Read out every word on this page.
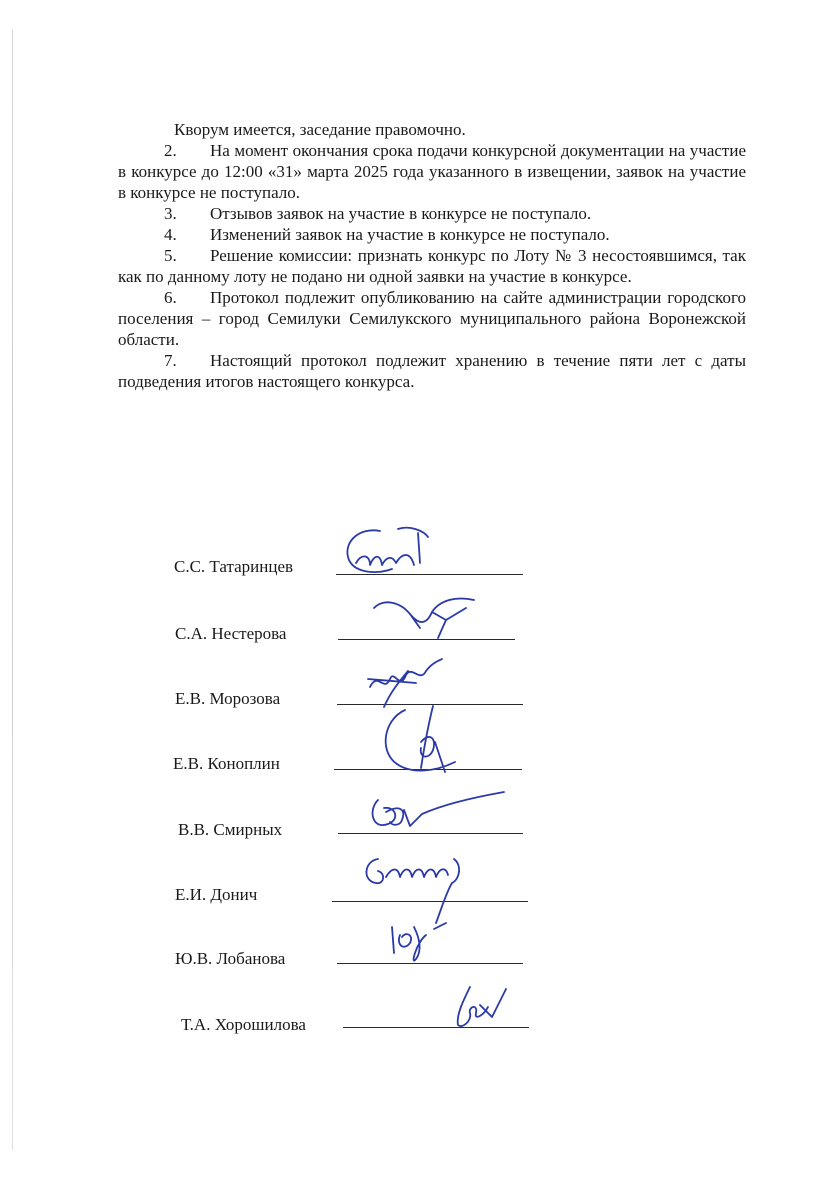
Кворум имеется, заседание правомочно.

2. На момент окончания срока подачи конкурсной документации на участие в конкурсе до 12:00 «31» марта 2025 года указанного в извещении, заявок на участие в конкурсе не поступало.

3. Отзывов заявок на участие в конкурсе не поступало.

4. Изменений заявок на участие в конкурсе не поступало.

5. Решение комиссии: признать конкурс по Лоту № 3 несостоявшимся, так как по данному лоту не подано ни одной заявки на участие в конкурсе.

6. Протокол подлежит опубликованию на сайте администрации городского поселения – город Семилуки Семилукского муниципального района Воронежской области.

7. Настоящий протокол подлежит хранению в течение пяти лет с даты подведения итогов настоящего конкурса.

С.С. Татаринцев
С.А. Нестерова
Е.В. Морозова
Е.В. Коноплин
В.В. Смирных
Е.И. Донич
Ю.В. Лобанова
Т.А. Хорошилова
